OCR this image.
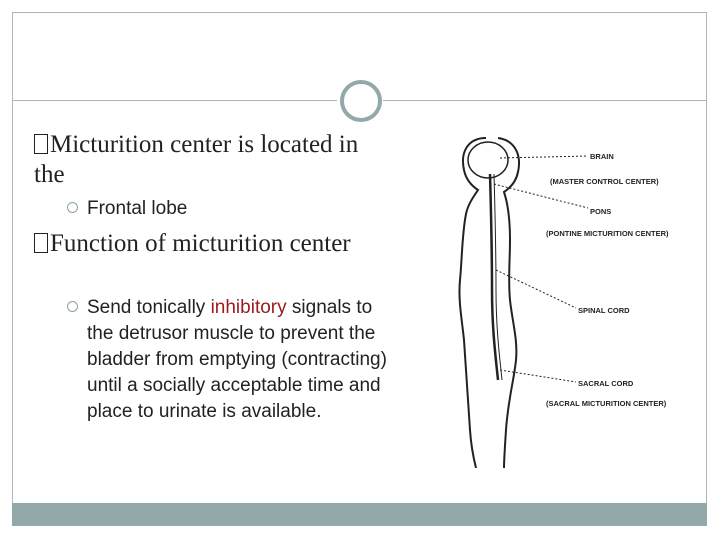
Micturition center is located in the
Frontal lobe
Function of micturition center
Send tonically inhibitory signals to the detrusor muscle to prevent the bladder from emptying (contracting) until a socially acceptable time and place to urinate is available.
BRAIN
(MASTER CONTROL CENTER)
PONS
(PONTINE MICTURITION CENTER)
SPINAL CORD
SACRAL CORD
(SACRAL MICTURITION CENTER)
